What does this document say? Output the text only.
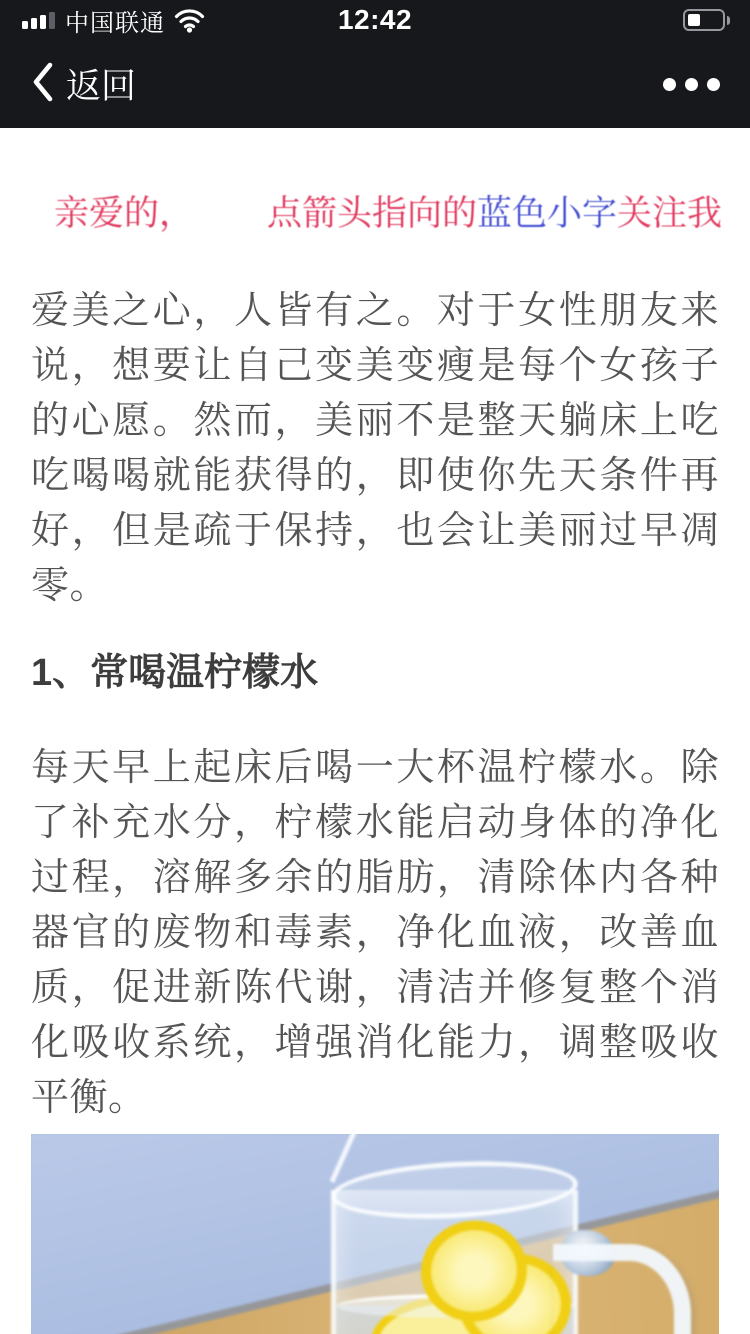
中国联通	12:42
返回
亲爱的， 点箭头指向的蓝色小字关注我

爱美之心，人皆有之。对于女性朋友来说，想要让自己变美变瘦是每个女孩子的心愿。然而，美丽不是整天躺床上吃吃喝喝就能获得的，即使你先天条件再好，但是疏于保持，也会让美丽过早凋零。

1、常喝温柠檬水

每天早上起床后喝一大杯温柠檬水。除了补充水分，柠檬水能启动身体的净化过程，溶解多余的脂肪，清除体内各种器官的废物和毒素，净化血液，改善血质，促进新陈代谢，清洁并修复整个消化吸收系统，增强消化能力，调整吸收平衡。
